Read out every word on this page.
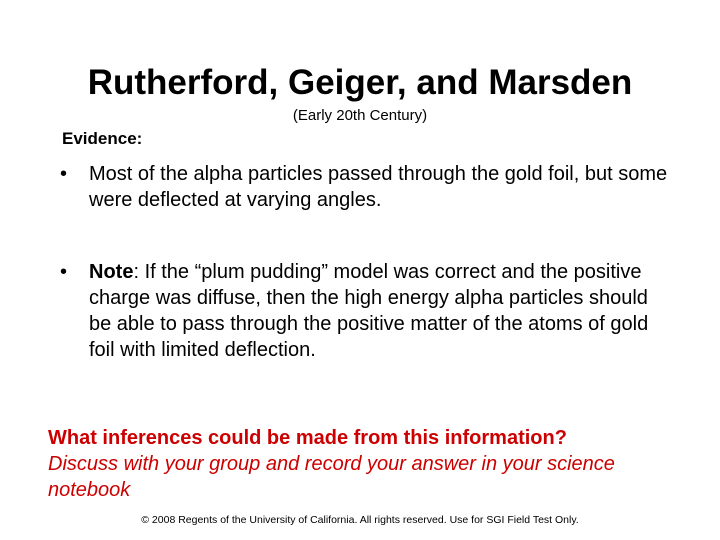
Rutherford, Geiger, and Marsden
(Early 20th Century)
Evidence:
• Most of the alpha particles passed through the gold foil, but some were deflected at varying angles.
• Note: If the “plum pudding” model was correct and the positive charge was diffuse, then the high energy alpha particles should be able to pass through the positive matter of the atoms of gold foil with limited deflection.
What inferences could be made from this information?
Discuss with your group and record your answer in your science notebook
© 2008 Regents of the University of California. All rights reserved. Use for SGI Field Test Only.
